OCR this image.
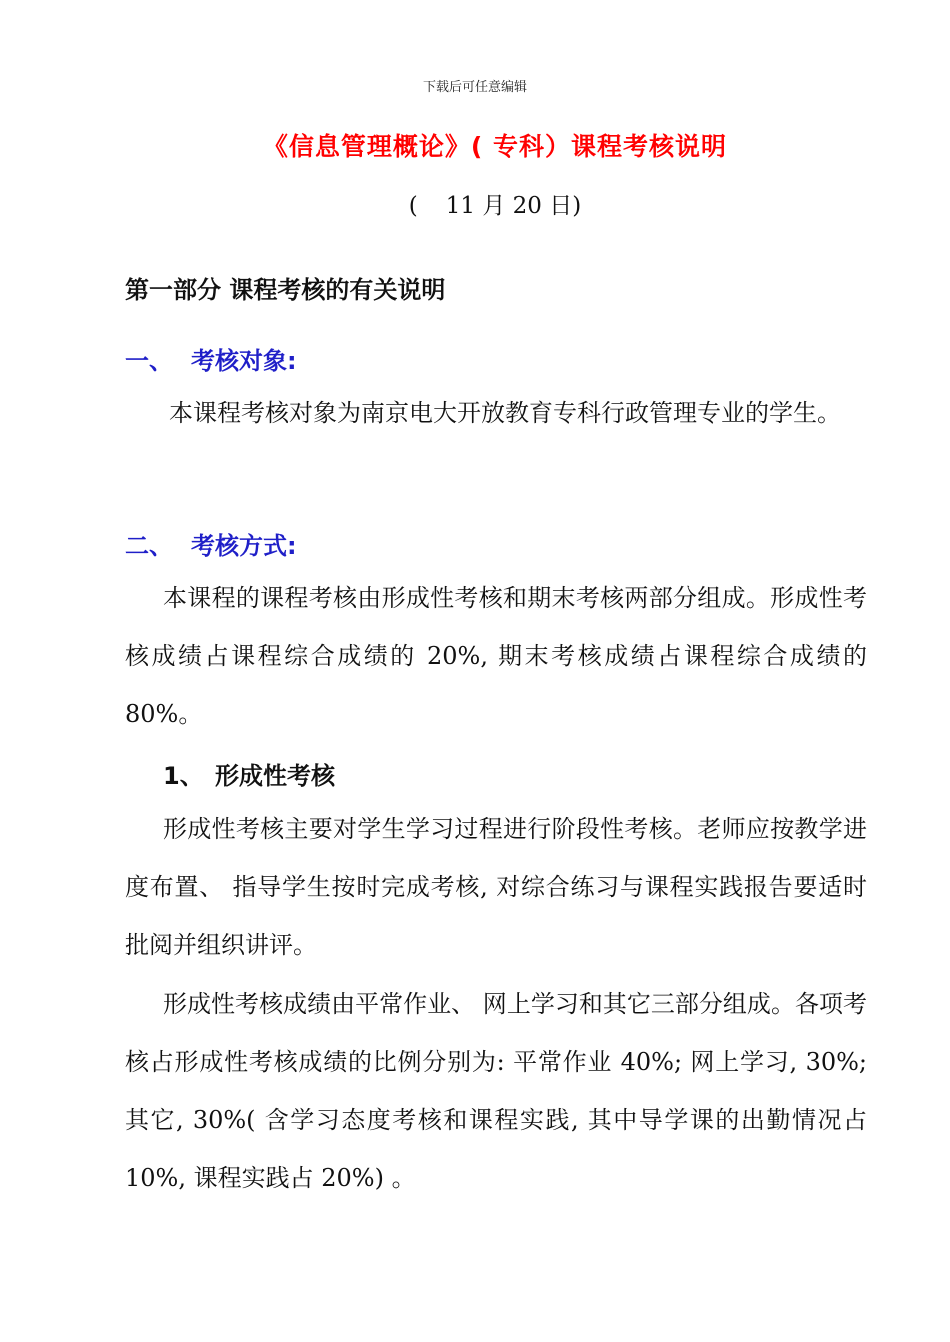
下载后可任意编辑
《信息管理概论》( 专科）课程考核说明
( 11 月 20 日)
第一部分 课程考核的有关说明
一、 考核对象:
本课程考核对象为南京电大开放教育专科行政管理专业的学生。
二、 考核方式:
本课程的课程考核由形成性考核和期末考核两部分组成。形成性考核成绩占课程综合成绩的 20%, 期末考核成绩占课程综合成绩的 80%。
1、 形成性考核
形成性考核主要对学生学习过程进行阶段性考核。老师应按教学进度布置、 指导学生按时完成考核, 对综合练习与课程实践报告要适时批阅并组织讲评。
形成性考核成绩由平常作业、 网上学习和其它三部分组成。各项考核占形成性考核成绩的比例分别为: 平常作业 40%; 网上学习, 30%; 其它, 30%( 含学习态度考核和课程实践, 其中导学课的出勤情况占 10%, 课程实践占 20%) 。
